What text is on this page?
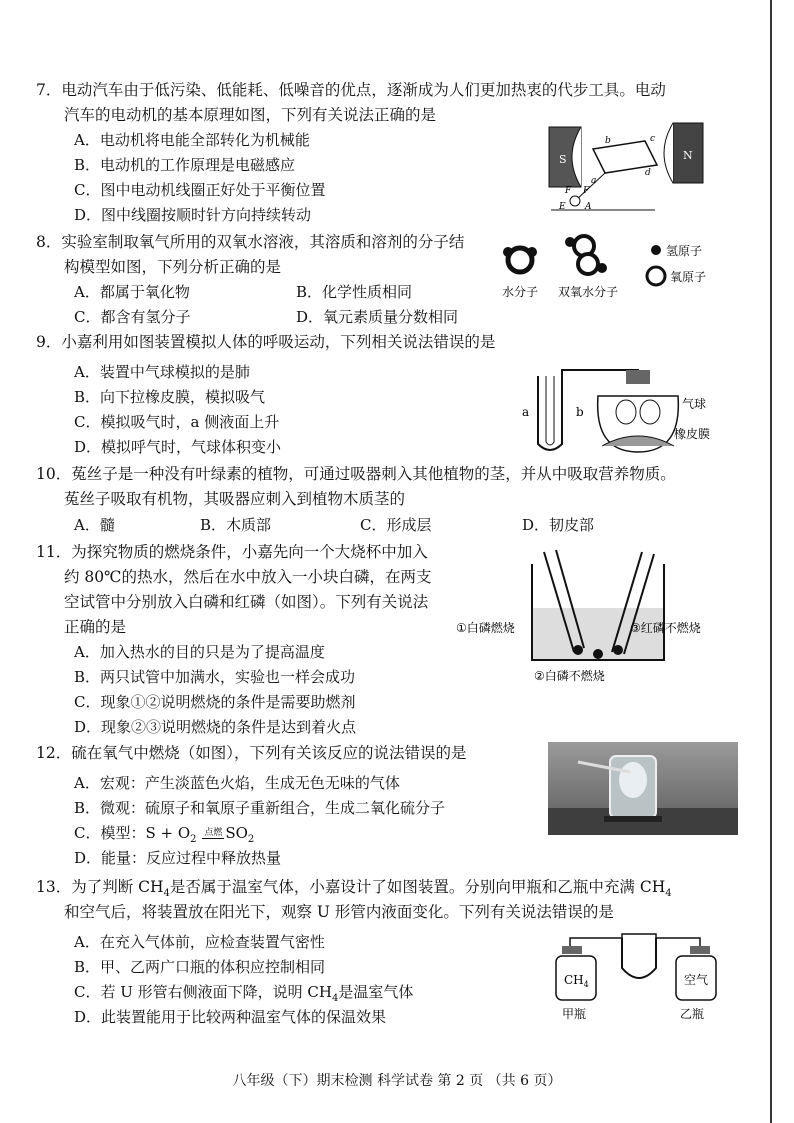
7．电动汽车由于低污染、低能耗、低噪音的优点，逐渐成为人们更加热衷的代步工具。电动
汽车的电动机的基本原理如图，下列有关说法正确的是
A．电动机将电能全部转化为机械能
B．电动机的工作原理是电磁感应
C．图中电动机线圈正好处于平衡位置
D．图中线圈按顺时针方向持续转动
S	N
b	c
a
d
F F
E A
8．实验室制取氧气所用的双氧水溶液，其溶质和溶剂的分子结
构模型如图，下列分析正确的是
A．都属于氧化物	B．化学性质相同
C．都含有氢分子	D．氧元素质量分数相同
水分子 双氧水分子
氢原子
氧原子
9．小嘉利用如图装置模拟人体的呼吸运动，下列相关说法错误的是
A．装置中气球模拟的是肺
B．向下拉橡皮膜，模拟吸气
C．模拟吸气时，a 侧液面上升
D．模拟呼气时，气球体积变小
a	b
气球
橡皮膜
10．菟丝子是一种没有叶绿素的植物，可通过吸器刺入其他植物的茎，并从中吸取营养物质。
菟丝子吸取有机物，其吸器应刺入到植物木质茎的
A．髓	B．木质部	C．形成层	D．韧皮部
11．为探究物质的燃烧条件，小嘉先向一个大烧杯中加入
约 80℃的热水，然后在水中放入一小块白磷，在两支
空试管中分别放入白磷和红磷（如图）。下列有关说法
正确的是
A．加入热水的目的只是为了提高温度
B．两只试管中加满水，实验也一样会成功
C．现象①②说明燃烧的条件是需要助燃剂
D．现象②③说明燃烧的条件是达到着火点
①白磷燃烧
②白磷不燃烧
③红磷不燃烧
12．硫在氧气中燃烧（如图），下列有关该反应的说法错误的是
A．宏观：产生淡蓝色火焰，生成无色无味的气体
B．微观：硫原子和氧原子重新组合，生成二氧化硫分子
C．模型：$S + O_2$ 点燃 $SO_2$
D．能量：反应过程中释放热量
13．为了判断 $CH_4$是否属于温室气体，小嘉设计了如图装置。分别向甲瓶和乙瓶中充满 $CH_4$
和空气后，将装置放在阳光下，观察 U 形管内液面变化。下列有关说法错误的是
A．在充入气体前，应检查装置气密性
B．甲、乙两广口瓶的体积应控制相同
C．若 U 形管右侧液面下降，说明 $CH_4$是温室气体
D．此装置能用于比较两种温室气体的保温效果
$CH_4$	空气
甲瓶	乙瓶
八年级（下）期末检测 科学试卷 第 2 页 （共 6 页）
